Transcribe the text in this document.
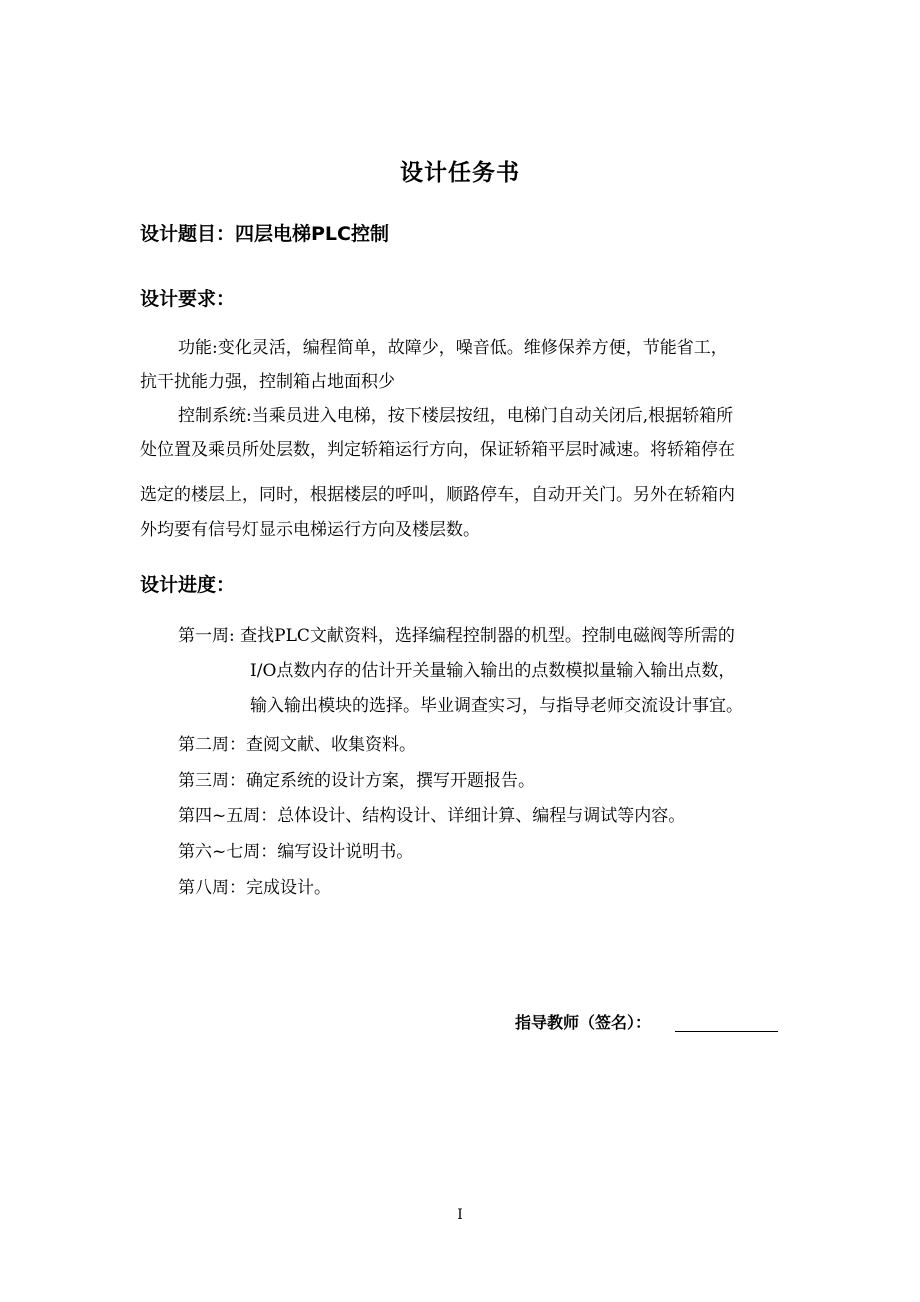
设计任务书
设计题目：四层电梯PLC控制
设计要求：
功能:变化灵活，编程简单，故障少，噪音低。维修保养方便，节能省工，
抗干扰能力强，控制箱占地面积少
控制系统:当乘员进入电梯，按下楼层按纽，电梯门自动关闭后,根据轿箱所
处位置及乘员所处层数，判定轿箱运行方向，保证轿箱平层时减速。将轿箱停在
选定的楼层上，同时，根据楼层的呼叫，顺路停车，自动开关门。另外在轿箱内
外均要有信号灯显示电梯运行方向及楼层数。
设计进度：
第一周: 查找PLC文献资料，选择编程控制器的机型。控制电磁阀等所需的
I/O点数内存的估计开关量输入输出的点数模拟量输入输出点数，
输入输出模块的选择。毕业调查实习，与指导老师交流设计事宜。
第二周：查阅文献、收集资料。
第三周：确定系统的设计方案，撰写开题报告。
第四~五周：总体设计、结构设计、详细计算、编程与调试等内容。
第六~七周：编写设计说明书。
第八周：完成设计。
指导教师（签名）：
I
